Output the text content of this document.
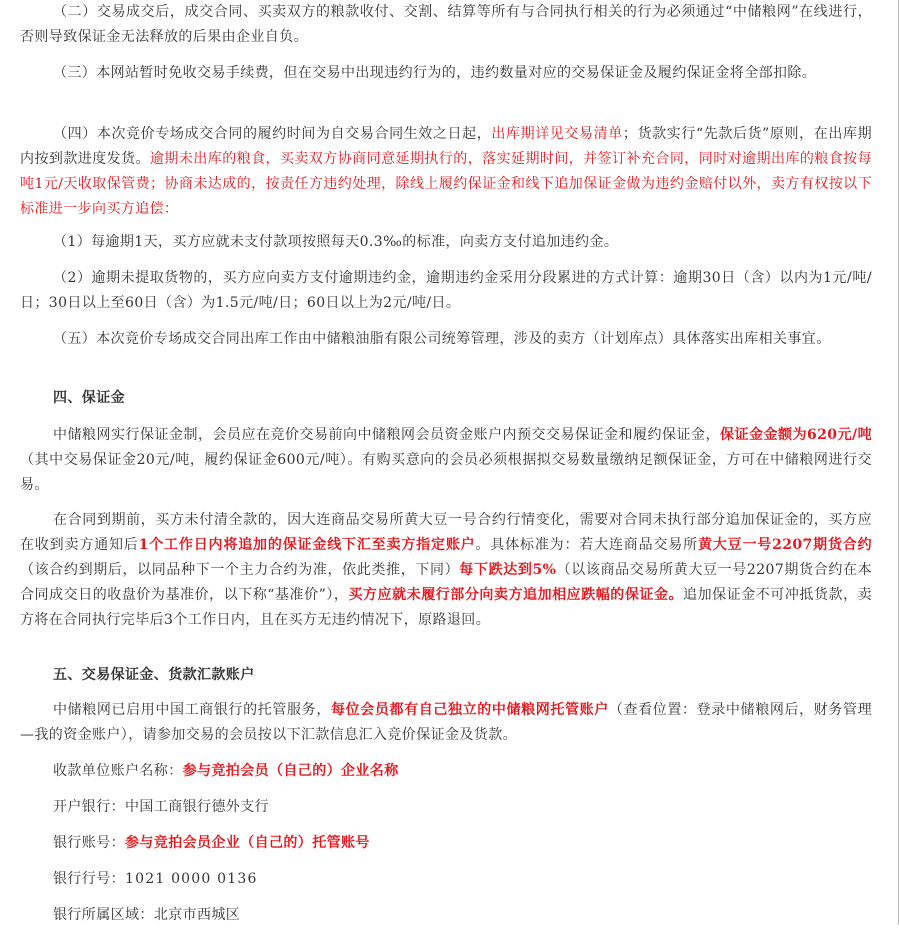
（二）交易成交后，成交合同、买卖双方的粮款收付、交割、结算等所有与合同执行相关的行为必须通过“中储粮网”在线进行，否则导致保证金无法释放的后果由企业自负。

（三）本网站暂时免收交易手续费，但在交易中出现违约行为的，违约数量对应的交易保证金及履约保证金将全部扣除。

（四）本次竞价专场成交合同的履约时间为自交易合同生效之日起，出库期详见交易清单；货款实行“先款后货”原则，在出库期内按到款进度发货。逾期未出库的粮食，买卖双方协商同意延期执行的，落实延期时间，并签订补充合同，同时对逾期出库的粮食按每吨1元/天收取保管费；协商未达成的，按责任方违约处理，除线上履约保证金和线下追加保证金做为违约金赔付以外，卖方有权按以下标准进一步向买方追偿：

（1）每逾期1天，买方应就未支付款项按照每天0.3‰的标准，向卖方支付追加违约金。

（2）逾期未提取货物的，买方应向卖方支付逾期违约金，逾期违约金采用分段累进的方式计算：逾期30日（含）以内为1元/吨/日；30日以上至60日（含）为1.5元/吨/日；60日以上为2元/吨/日。

（五）本次竞价专场成交合同出库工作由中储粮油脂有限公司统筹管理，涉及的卖方（计划库点）具体落实出库相关事宜。

四、保证金

中储粮网实行保证金制，会员应在竞价交易前向中储粮网会员资金账户内预交交易保证金和履约保证金，保证金金额为620元/吨（其中交易保证金20元/吨，履约保证金600元/吨）。有购买意向的会员必须根据拟交易数量缴纳足额保证金，方可在中储粮网进行交易。

在合同到期前，买方未付清全款的，因大连商品交易所黄大豆一号合约行情变化，需要对合同未执行部分追加保证金的，买方应在收到卖方通知后1个工作日内将追加的保证金线下汇至卖方指定账户。具体标准为：若大连商品交易所黄大豆一号2207期货合约（该合约到期后，以同品种下一个主力合约为准，依此类推，下同）每下跌达到5%（以该商品交易所黄大豆一号2207期货合约在本合同成交日的收盘价为基准价，以下称“基准价”），买方应就未履行部分向卖方追加相应跌幅的保证金。追加保证金不可冲抵货款，卖方将在合同执行完毕后3个工作日内，且在买方无违约情况下，原路退回。

五、交易保证金、货款汇款账户

中储粮网已启用中国工商银行的托管服务，每位会员都有自己独立的中储粮网托管账户（查看位置：登录中储粮网后，财务管理—我的资金账户），请参加交易的会员按以下汇款信息汇入竞价保证金及货款。

收款单位账户名称：参与竞拍会员（自己的）企业名称
开户银行：中国工商银行德外支行
银行账号：参与竞拍会员企业（自己的）托管账号
银行行号：1021 0000 0136
银行所属区域：北京市西城区
